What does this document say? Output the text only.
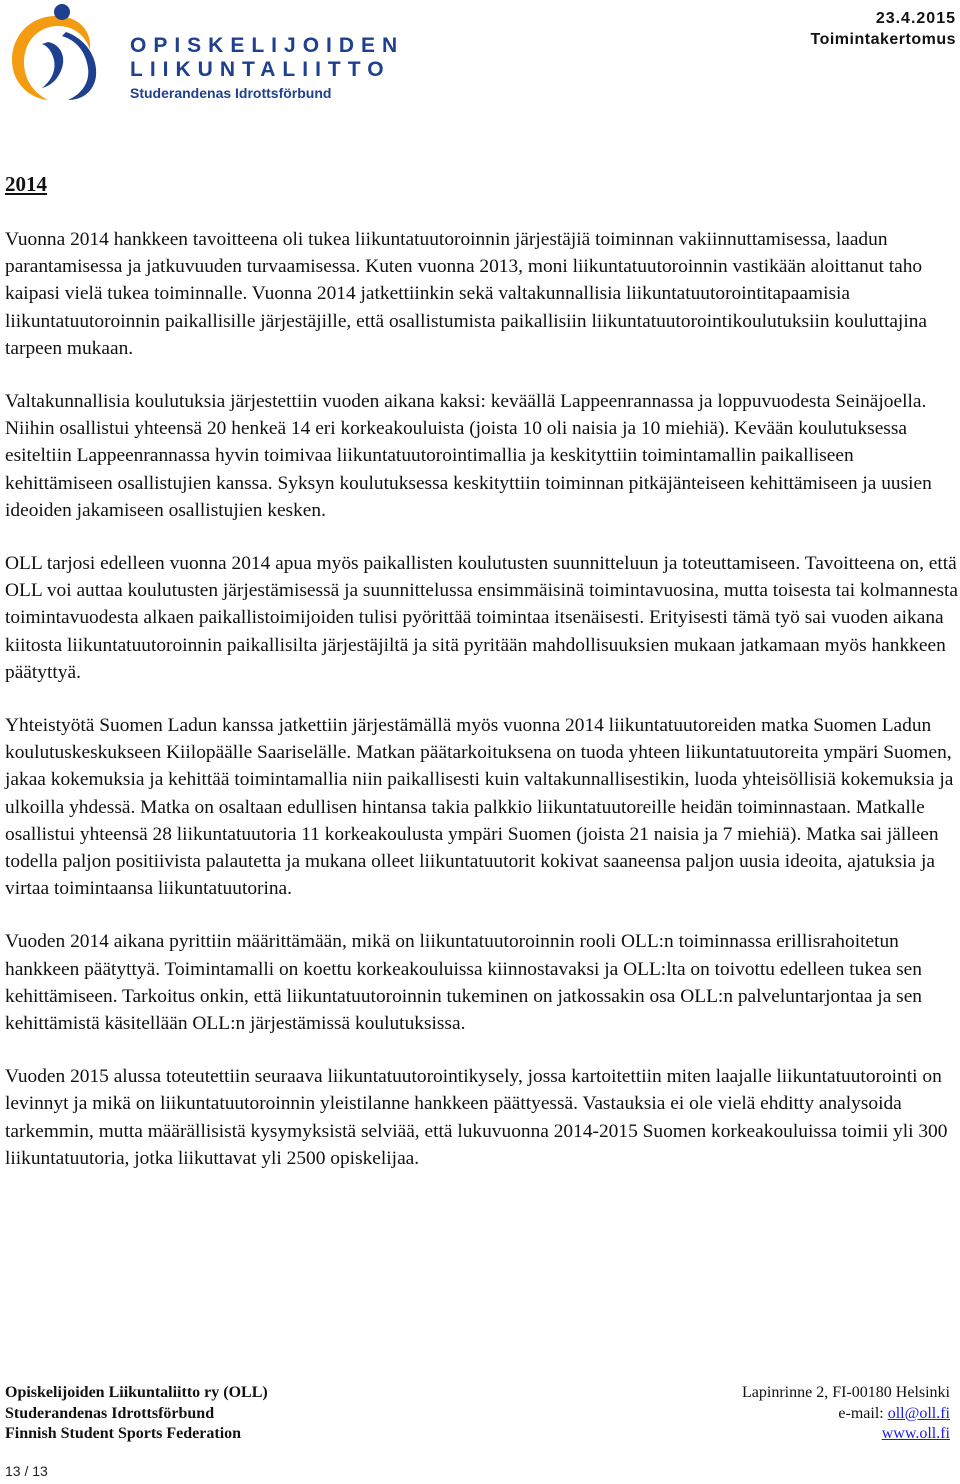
OPISKELIJOIDEN
LIIKUNTALIITTO
Studerandenas Idrottsförbund
23.4.2015
Toimintakertomus
2014

Vuonna 2014 hankkeen tavoitteena oli tukea liikuntatuutoroinnin järjestäjiä toiminnan vakiinnuttamisessa, laadun parantamisessa ja jatkuvuuden turvaamisessa. Kuten vuonna 2013, moni liikuntatuutoroinnin vastikään aloittanut taho kaipasi vielä tukea toiminnalle. Vuonna 2014 jatkettiinkin sekä valtakunnallisia liikuntatuutorointitapaamisia liikuntatuutoroinnin paikallisille järjestäjille, että osallistumista paikallisiin liikuntatuutorointikoulutuksiin kouluttajina tarpeen mukaan.

Valtakunnallisia koulutuksia järjestettiin vuoden aikana kaksi: keväällä Lappeenrannassa ja loppuvuodesta Seinäjoella. Niihin osallistui yhteensä 20 henkeä 14 eri korkeakouluista (joista 10 oli naisia ja 10 miehiä). Kevään koulutuksessa esiteltiin Lappeenrannassa hyvin toimivaa liikuntatuutorointimallia ja keskityttiin toimintamallin paikalliseen kehittämiseen osallistujien kanssa. Syksyn koulutuksessa keskityttiin toiminnan pitkäjänteiseen kehittämiseen ja uusien ideoiden jakamiseen osallistujien kesken.

OLL tarjosi edelleen vuonna 2014 apua myös paikallisten koulutusten suunnitteluun ja toteuttamiseen. Tavoitteena on, että OLL voi auttaa koulutusten järjestämisessä ja suunnittelussa ensimmäisinä toimintavuosina, mutta toisesta tai kolmannesta toimintavuodesta alkaen paikallistoimijoiden tulisi pyörittää toimintaa itsenäisesti. Erityisesti tämä työ sai vuoden aikana kiitosta liikuntatuutoroinnin paikallisilta järjestäjiltä ja sitä pyritään mahdollisuuksien mukaan jatkamaan myös hankkeen päätyttyä.

Yhteistyötä Suomen Ladun kanssa jatkettiin järjestämällä myös vuonna 2014 liikuntatuutoreiden matka Suomen Ladun koulutuskeskukseen Kiilopäälle Saariselälle. Matkan päätarkoituksena on tuoda yhteen liikuntatuutoreita ympäri Suomen, jakaa kokemuksia ja kehittää toimintamallia niin paikallisesti kuin valtakunnallisestikin, luoda yhteisöllisiä kokemuksia ja ulkoilla yhdessä. Matka on osaltaan edullisen hintansa takia palkkio liikuntatuutoreille heidän toiminnastaan. Matkalle osallistui yhteensä 28 liikuntatuutoria 11 korkeakoulusta ympäri Suomen (joista 21 naisia ja 7 miehiä). Matka sai jälleen todella paljon positiivista palautetta ja mukana olleet liikuntatuutorit kokivat saaneensa paljon uusia ideoita, ajatuksia ja virtaa toimintaansa liikuntatuutorina.

Vuoden 2014 aikana pyrittiin määrittämään, mikä on liikuntatuutoroinnin rooli OLL:n toiminnassa erillisrahoitetun hankkeen päätyttyä. Toimintamalli on koettu korkeakouluissa kiinnostavaksi ja OLL:lta on toivottu edelleen tukea sen kehittämiseen. Tarkoitus onkin, että liikuntatuutoroinnin tukeminen on jatkossakin osa OLL:n palveluntarjontaa ja sen kehittämistä käsitellään OLL:n järjestämissä koulutuksissa.

Vuoden 2015 alussa toteutettiin seuraava liikuntatuutorointikysely, jossa kartoitettiin miten laajalle liikuntatuutorointi on levinnyt ja mikä on liikuntatuutoroinnin yleistilanne hankkeen päättyessä. Vastauksia ei ole vielä ehditty analysoida tarkemmin, mutta määrällisistä kysymyksistä selviää, että lukuvuonna 2014-2015 Suomen korkeakouluissa toimii yli 300 liikuntatuutoria, jotka liikuttavat yli 2500 opiskelijaa.

Opiskelijoiden Liikuntaliitto ry (OLL)
Studerandenas Idrottsförbund
Finnish Student Sports Federation
Lapinrinne 2, FI-00180 Helsinki
e-mail: oll@oll.fi
www.oll.fi
13 / 13
